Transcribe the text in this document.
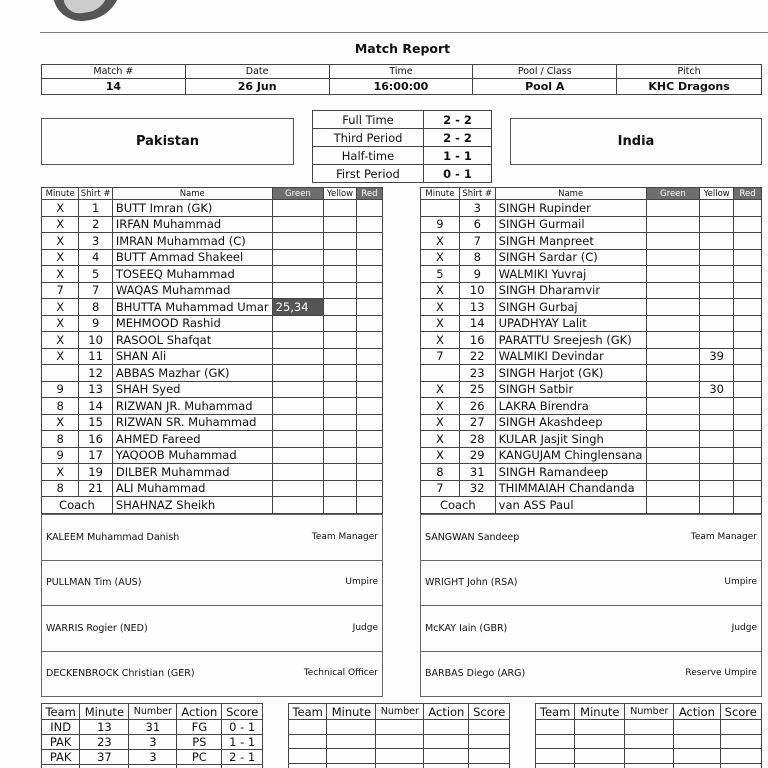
Match Report
Match #	Date	Time	Pool / Class	Pitch
14	26 Jun	16:00:00	Pool A	KHC Dragons
Pakistan	India
Full Time	2 - 2
Third Period	2 - 2
Half-time	1 - 1
First Period	0 - 1
Minute	Shirt #	Name	Green	Yellow	Red
X	1	BUTT Imran (GK)			
X	2	IRFAN Muhammad			
X	3	IMRAN Muhammad (C)			
X	4	BUTT Ammad Shakeel			
X	5	TOSEEQ Muhammad			
7	7	WAQAS Muhammad			
X	8	BHUTTA Muhammad Umar	25,34		
X	9	MEHMOOD Rashid			
X	10	RASOOL Shafqat			
X	11	SHAN Ali			
	12	ABBAS Mazhar (GK)			
9	13	SHAH Syed			
8	14	RIZWAN JR. Muhammad			
X	15	RIZWAN SR. Muhammad			
8	16	AHMED Fareed			
9	17	YAQOOB Muhammad			
X	19	DILBER Muhammad			
8	21	ALI Muhammad			
Coach		SHAHNAZ Sheikh			
Minute	Shirt #	Name	Green	Yellow	Red
	3	SINGH Rupinder			
9	6	SINGH Gurmail			
X	7	SINGH Manpreet			
X	8	SINGH Sardar (C)			
5	9	WALMIKI Yuvraj			
X	10	SINGH Dharamvir			
X	13	SINGH Gurbaj			
X	14	UPADHYAY Lalit			
X	16	PARATTU Sreejesh (GK)			
7	22	WALMIKI Devindar		39	
	23	SINGH Harjot (GK)			
X	25	SINGH Satbir		30	
X	26	LAKRA Birendra			
X	27	SINGH Akashdeep			
X	28	KULAR Jasjit Singh			
X	29	KANGUJAM Chinglensana			
8	31	SINGH Ramandeep			
7	32	THIMMAIAH Chandanda			
Coach		van ASS Paul			
KALEEM Muhammad Danish	Team Manager

PULLMAN Tim (AUS)	Umpire

WARRIS Rogier (NED)	Judge

DECKENBROCK Christian (GER)	Technical Officer
SANGWAN Sandeep	Team Manager

WRIGHT John (RSA)	Umpire

McKAY Iain (GBR)	Judge

BARBAS Diego (ARG)	Reserve Umpire
Team	Minute	Number	Action	Score
IND	13	31	FG	0 - 1
PAK	23	3	PS	1 - 1
PAK	37	3	PC	2 - 1

Team	Minute	Number	Action	Score

					Team	Minute	Number	Action	Score
